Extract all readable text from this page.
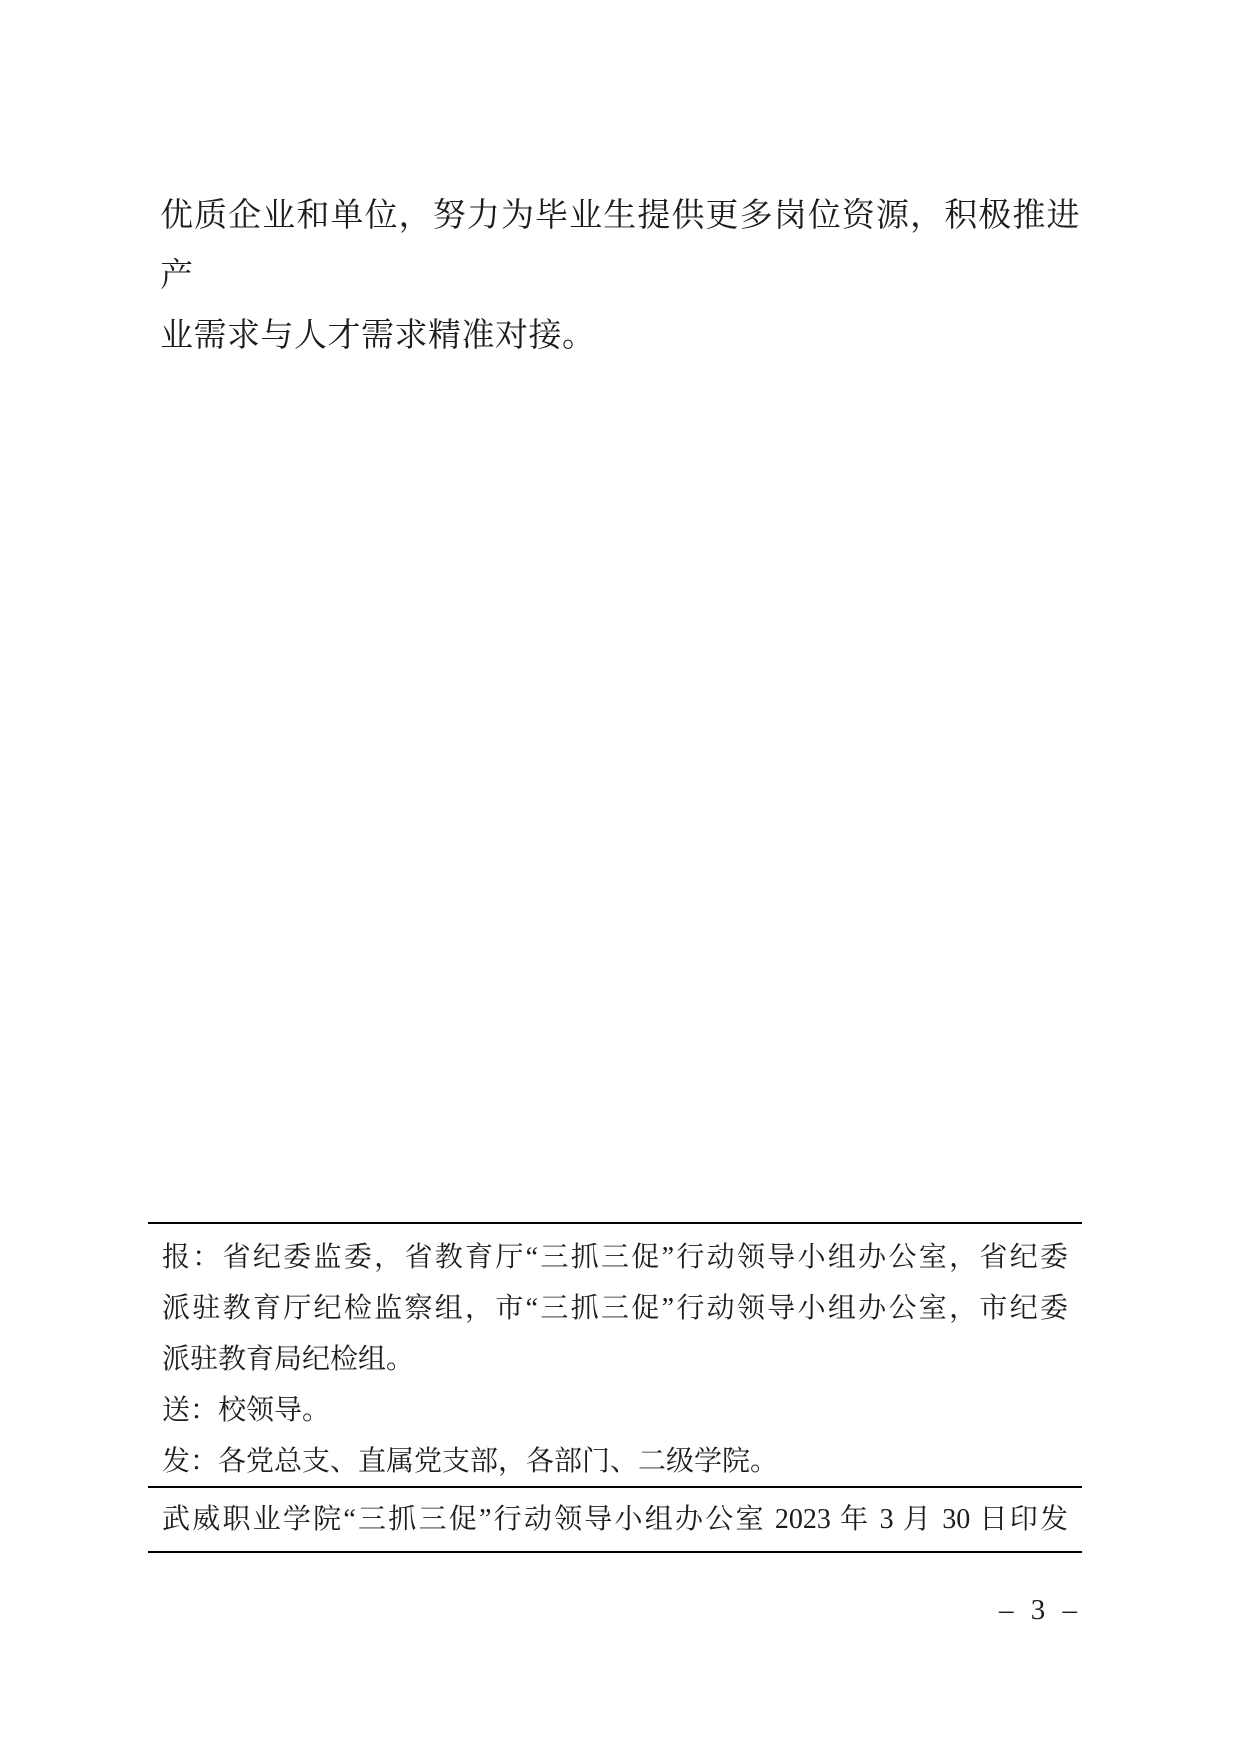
优质企业和单位，努力为毕业生提供更多岗位资源，积极推进产
业需求与人才需求精准对接。
报：省纪委监委，省教育厅“三抓三促”行动领导小组办公室，省纪委
派驻教育厅纪检监察组，市“三抓三促”行动领导小组办公室，市纪委
派驻教育局纪检组。
送：校领导。
发：各党总支、直属党支部，各部门、二级学院。
武威职业学院“三抓三促”行动领导小组办公室 2023 年 3 月 30 日印发
– 3 –
